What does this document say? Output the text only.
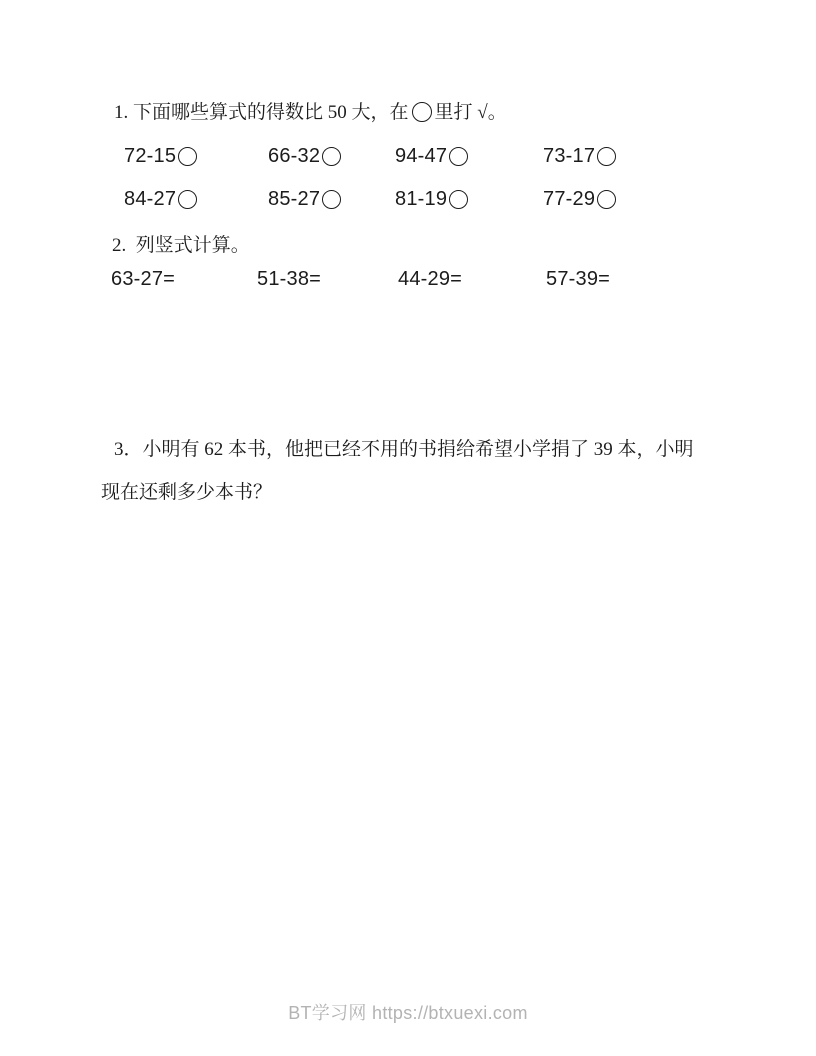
1. 下面哪些算式的得数比 50 大，在 里打 √。
72-15	66-32	94-47	73-17
84-27	85-27	81-19	77-29
2.  列竖式计算。
63-27=	51-38=	44-29=	57-39=
3．小明有 62 本书，他把已经不用的书捐给希望小学捐了 39 本，小明
现在还剩多少本书？
BT学习网 https://btxuexi.com
